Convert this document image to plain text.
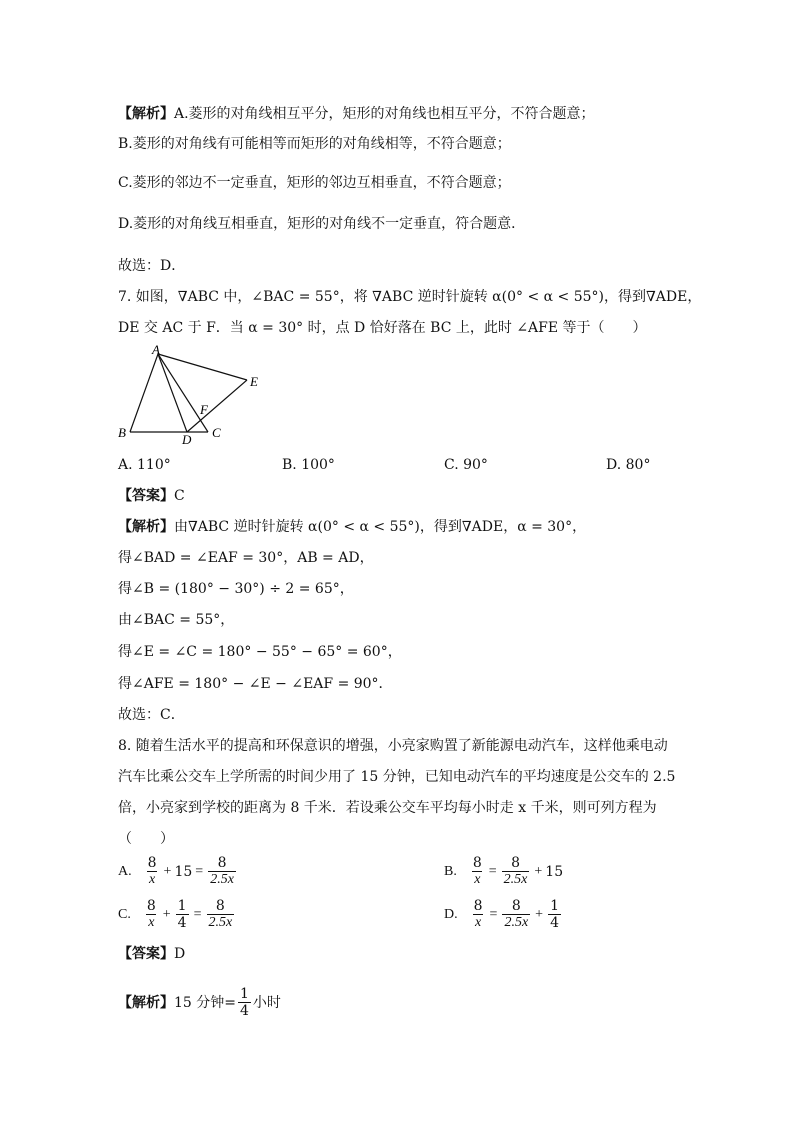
【解析】A.菱形的对角线相互平分，矩形的对角线也相互平分，不符合题意；
B.菱形的对角线有可能相等而矩形的对角线相等，不符合题意；
C.菱形的邻边不一定垂直，矩形的邻边互相垂直，不符合题意；
D.菱形的对角线互相垂直，矩形的对角线不一定垂直，符合题意．
故选：D．
7. 如图，∇ABC 中，∠BAC = 55°，将 ∇ABC 逆时针旋转 α(0° < α < 55°)，得到∇ADE，
DE 交 AC 于 F．当 α = 30° 时，点 D 恰好落在 BC 上，此时 ∠AFE 等于（　　）
A
B	C
D
E
F
A. 110°	B. 100°	C. 90°	D. 80°
【答案】C
【解析】由∇ABC 逆时针旋转 α(0° < α < 55°)，得到∇ADE，α = 30°，
得∠BAD = ∠EAF = 30°，AB = AD，
得∠B = (180° − 30°) ÷ 2 = 65°，
由∠BAC = 55°，
得∠E = ∠C = 180° − 55° − 65° = 60°，
得∠AFE = 180° − ∠E − ∠EAF = 90°．
故选：C．
8. 随着生活水平的提高和环保意识的增强，小亮家购置了新能源电动汽车，这样他乘电动
汽车比乘公交车上学所需的时间少用了 15 分钟，已知电动汽车的平均速度是公交车的 2.5
倍，小亮家到学校的距离为 8 千米．若设乘公交车平均每小时走 x 千米，则可列方程为
（　　）
A. $\frac{8}{x} + 15 = \frac{8}{2.5x}$	B. $\frac{8}{x} = \frac{8}{2.5x} + 15$
C. $\frac{8}{x} + \frac{1}{4} = \frac{8}{2.5x}$	D. $\frac{8}{x} = \frac{8}{2.5x} + \frac{1}{4}$
【答案】D
【解析】 15 分钟= $\frac{1}{4}$ 小时
